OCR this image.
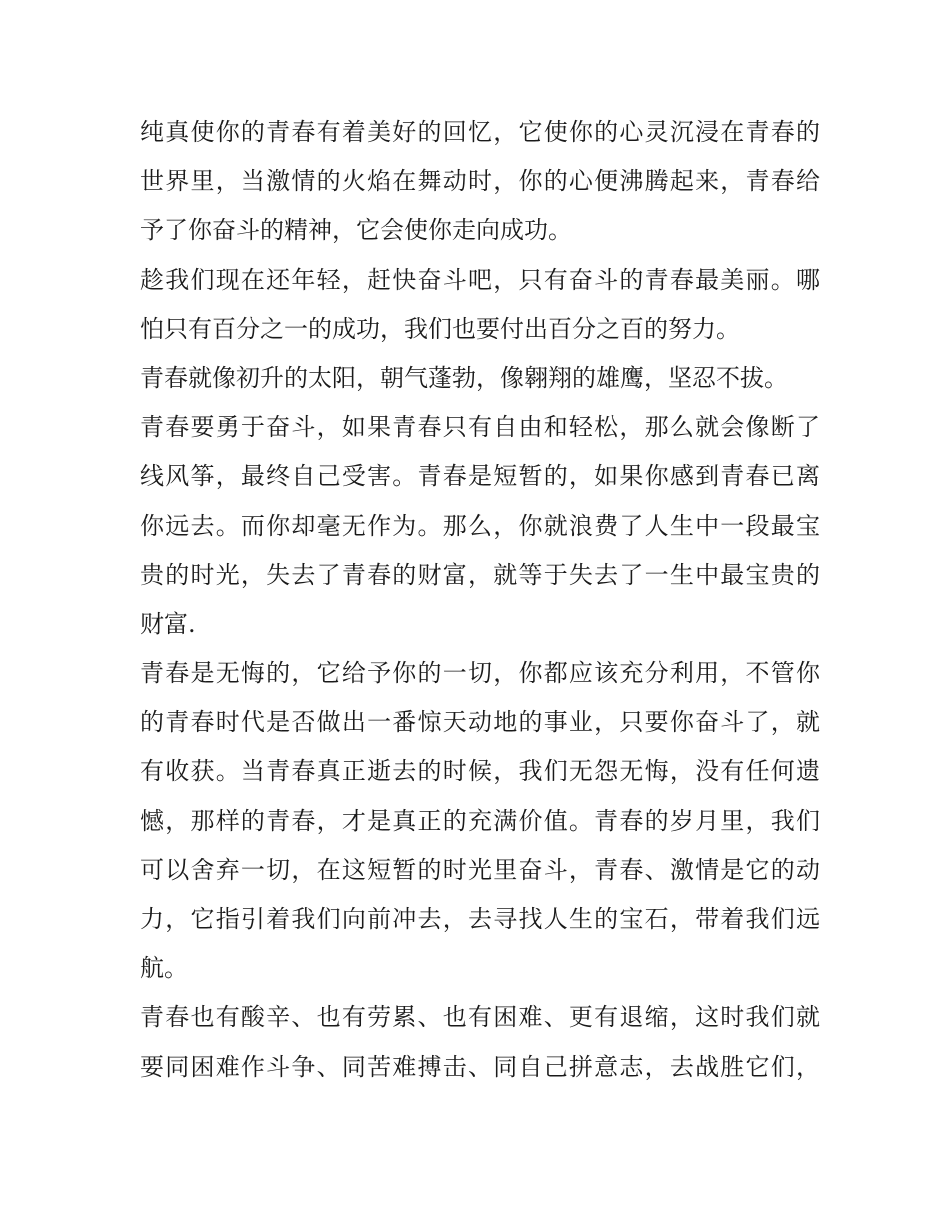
纯真使你的青春有着美好的回忆，它使你的心灵沉浸在青春的
世界里，当激情的火焰在舞动时，你的心便沸腾起来，青春给
予了你奋斗的精神，它会使你走向成功。
趁我们现在还年轻，赶快奋斗吧，只有奋斗的青春最美丽。哪
怕只有百分之一的成功，我们也要付出百分之百的努力。
青春就像初升的太阳，朝气蓬勃，像翱翔的雄鹰，坚忍不拔。
青春要勇于奋斗，如果青春只有自由和轻松，那么就会像断了
线风筝，最终自己受害。青春是短暂的，如果你感到青春已离
你远去。而你却毫无作为。那么，你就浪费了人生中一段最宝
贵的时光，失去了青春的财富，就等于失去了一生中最宝贵的
财富.
青春是无悔的，它给予你的一切，你都应该充分利用，不管你
的青春时代是否做出一番惊天动地的事业，只要你奋斗了，就
有收获。当青春真正逝去的时候，我们无怨无悔，没有任何遗
憾，那样的青春，才是真正的充满价值。青春的岁月里，我们
可以舍弃一切，在这短暂的时光里奋斗，青春、激情是它的动
力，它指引着我们向前冲去，去寻找人生的宝石，带着我们远
航。
青春也有酸辛、也有劳累、也有困难、更有退缩，这时我们就
要同困难作斗争、同苦难搏击、同自己拼意志，去战胜它们，
